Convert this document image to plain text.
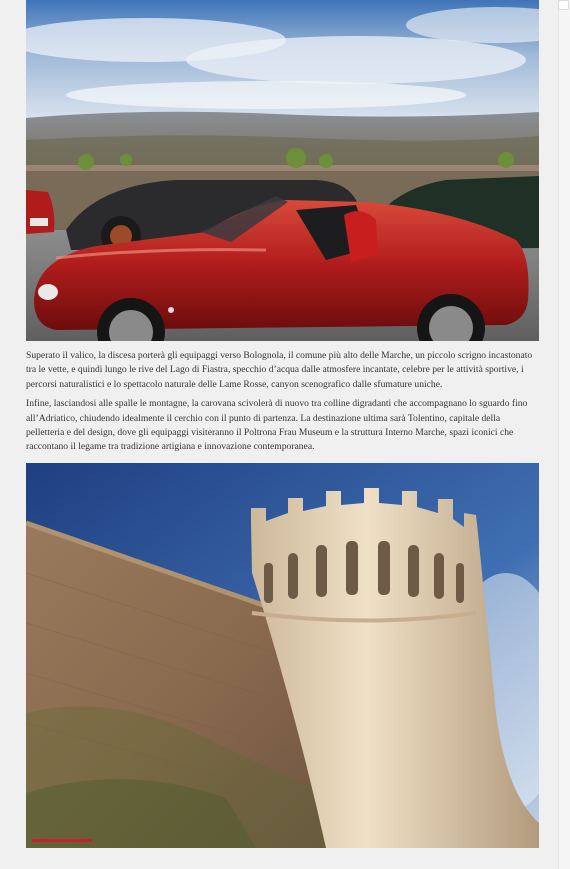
Superato il valico, la discesa porterà gli equipaggi verso Bolognola, il comune più alto delle Marche, un piccolo scrigno incastonato tra le vette, e quindi lungo le rive del Lago di Fiastra, specchio d’acqua dalle atmosfere incantate, celebre per le attività sportive, i percorsi naturalistici e lo spettacolo naturale delle Lame Rosse, canyon scenografico dalle sfumature uniche.

Infine, lasciandosi alle spalle le montagne, la carovana scivolerà di nuovo tra colline digradanti che accompagnano lo sguardo fino all’Adriatico, chiudendo idealmente il cerchio con il punto di partenza. La destinazione ultima sarà Tolentino, capitale della pelletteria e del design, dove gli equipaggi visiteranno il Poltrona Frau Museum e la struttura Interno Marche, spazi iconici che raccontano il legame tra tradizione artigiana e innovazione contemporanea.
